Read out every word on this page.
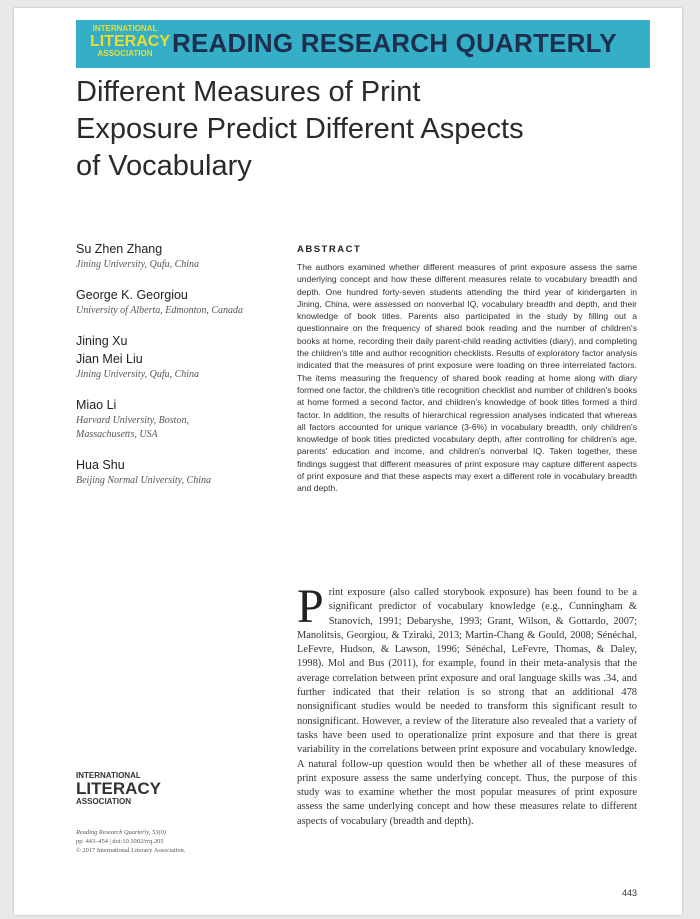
INTERNATIONAL
LITERACY
ASSOCIATION READING RESEARCH QUARTERLY
Different Measures of Print Exposure Predict Different Aspects of Vocabulary
Su Zhen Zhang
Jining University, Qufu, China
George K. Georgiou
University of Alberta, Edmonton, Canada
Jining Xu
Jian Mei Liu
Jining University, Qufu, China
Miao Li
Harvard University, Boston, Massachusetts, USA
Hua Shu
Beijing Normal University, China
ABSTRACT
The authors examined whether different measures of print exposure assess the same underlying concept and how these different measures relate to vocabulary breadth and depth. One hundred forty-seven students attending the third year of kindergarten in Jining, China, were assessed on nonverbal IQ, vocabulary breadth and depth, and their knowledge of book titles. Parents also participated in the study by filling out a questionnaire on the frequency of shared book reading and the number of children's books at home, recording their daily parent-child reading activities (diary), and completing the children's title and author recognition checklists. Results of exploratory factor analysis indicated that the measures of print exposure were loading on three interrelated factors. The items measuring the frequency of shared book reading at home along with diary formed one factor, the children's title recognition checklist and number of children's books at home formed a second factor, and children's knowledge of book titles formed a third factor. In addition, the results of hierarchical regression analyses indicated that whereas all factors accounted for unique variance (3-6%) in vocabulary breadth, only children's knowledge of book titles predicted vocabulary depth, after controlling for children's age, parents' education and income, and children's nonverbal IQ. Taken together, these findings suggest that different measures of print exposure may capture different aspects of print exposure and that these aspects may exert a different role in vocabulary breadth and depth.
Print exposure (also called storybook exposure) has been found to be a significant predictor of vocabulary knowledge (e.g., Cunningham & Stanovich, 1991; Debaryshe, 1993; Grant, Wilson, & Gottardo, 2007; Manolitsis, Georgiou, & Tziraki, 2013; Martin-Chang & Gould, 2008; Sénéchal, LeFevre, Hudson, & Lawson, 1996; Sénéchal, LeFevre, Thomas, & Daley, 1998). Mol and Bus (2011), for example, found in their meta-analysis that the average correlation between print exposure and oral language skills was .34, and further indicated that their relation is so strong that an additional 478 nonsignificant studies would be needed to transform this significant result to nonsignificant. However, a review of the literature also revealed that a variety of tasks have been used to operationalize print exposure and that there is great variability in the correlations between print exposure and vocabulary knowledge. A natural follow-up question would then be whether all of these measures of print exposure assess the same underlying concept. Thus, the purpose of this study was to examine whether the most popular measures of print exposure assess the same underlying concept and how these measures relate to different aspects of vocabulary (breadth and depth).
INTERNATIONAL
LITERACY
ASSOCIATION
Reading Research Quarterly, 53(0)
pp. 443–454 | doi:10.1002/rrq.205
© 2017 International Literacy Association.
443
